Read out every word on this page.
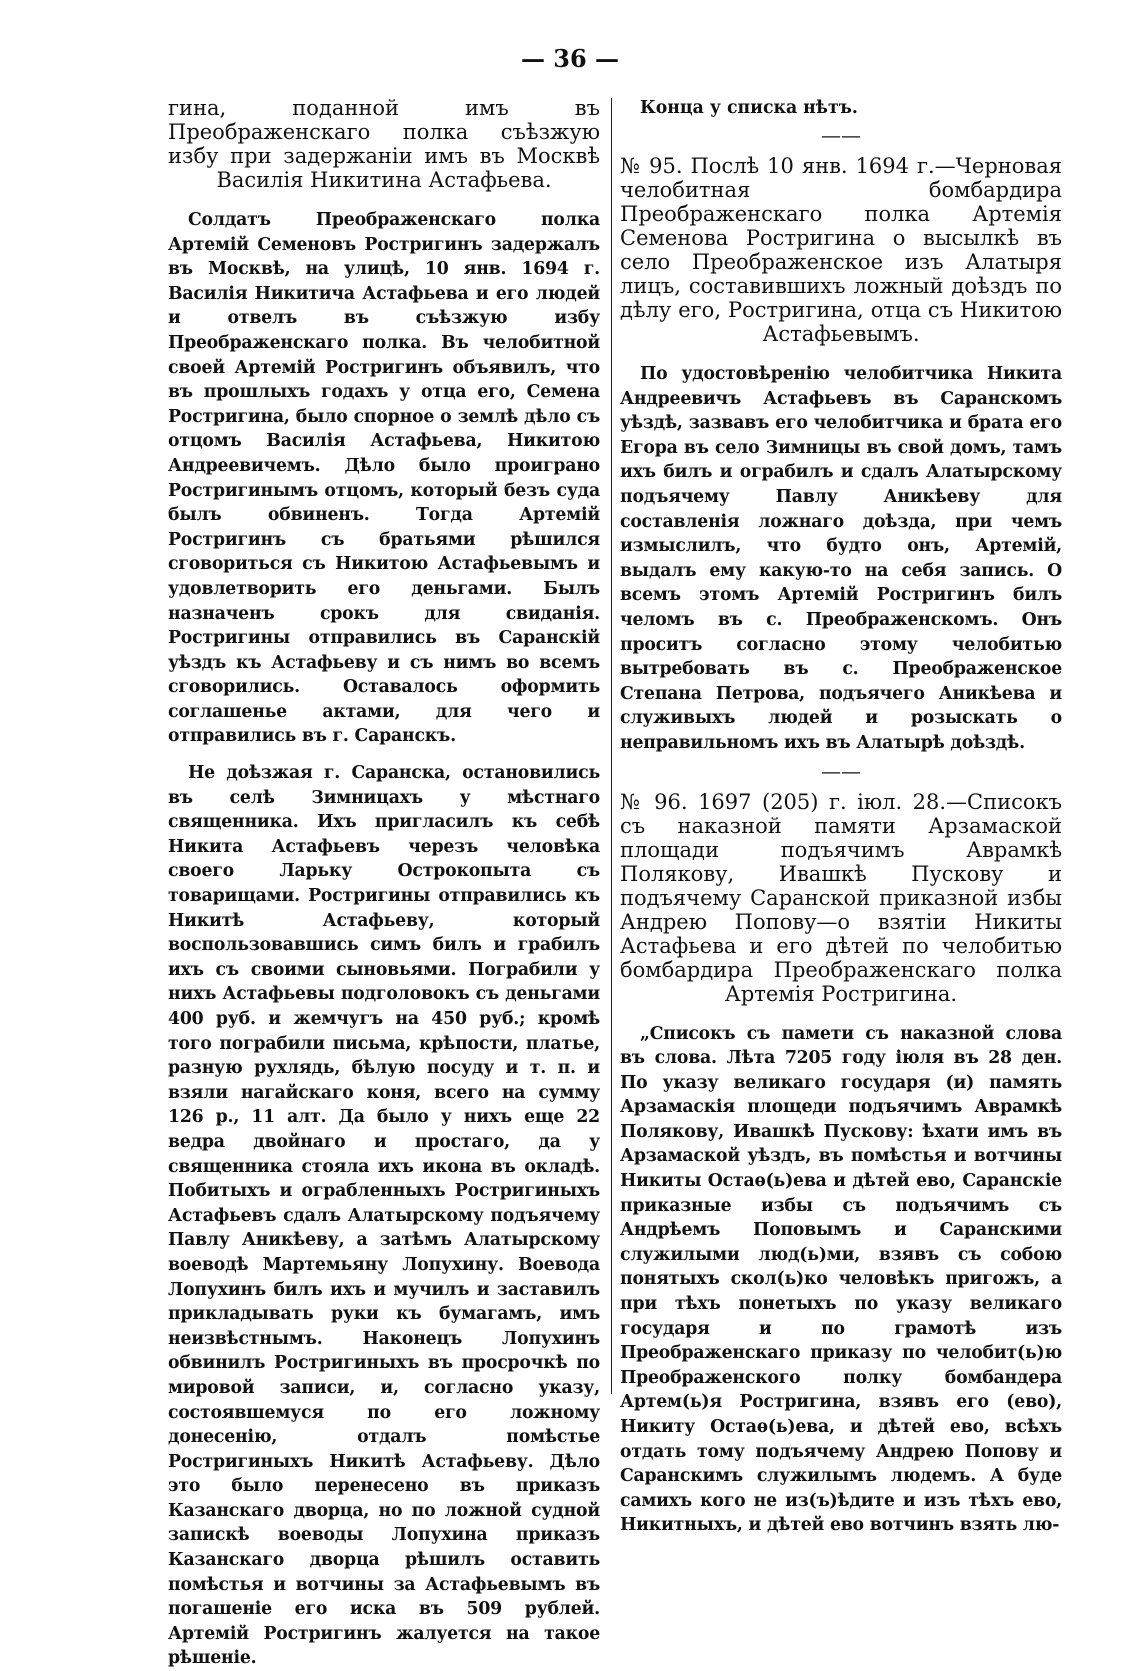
— 36 —

гина, поданной имъ въ Преображенскаго полка съѣзжую избу при задержаніи имъ въ Москвѣ Василія Никитина Астафьева.

Солдатъ Преображенскаго полка Артемій Семеновъ Ростригинъ задержалъ въ Москвѣ, на улицѣ, 10 янв. 1694 г. Василія Никитича Астафьева и его людей и отвелъ въ съѣзжую избу Преображенскаго полка. Въ челобитной своей Артемій Ростригинъ объявилъ, что въ прошлыхъ годахъ у отца его, Семена Ростригина, было спорное о землѣ дѣло съ отцомъ Василія Астафьева, Никитою Андреевичемъ. Дѣло было проиграно Ростригинымъ отцомъ, который безъ суда былъ обвиненъ. Тогда Артемій Ростригинъ съ братьями рѣшился сговориться съ Никитою Астафьевымъ и удовлетворить его деньгами. Былъ назначенъ срокъ для свиданія. Ростригины отправились въ Саранскій уѣздъ къ Астафьеву и съ нимъ во всемъ сговорились. Оставалось оформить соглашенье актами, для чего и отправились въ г. Саранскъ.

Не доѣзжая г. Саранска, остановились въ селѣ Зимницахъ у мѣстнаго священника. Ихъ пригласилъ къ себѣ Никита Астафьевъ черезъ человѣка своего Ларьку Острокопыта съ товарищами. Ростригины отправились къ Никитѣ Астафьеву, который воспользовавшись симъ билъ и грабилъ ихъ съ своими сыновьями. Пограбили у нихъ Астафьевы подголовокъ съ деньгами 400 руб. и жемчугъ на 450 руб.; кромѣ того пограбили письма, крѣпости, платье, разную рухлядь, бѣлую посуду и т. п. и взяли нагайскаго коня, всего на сумму 126 р., 11 алт. Да было у нихъ еще 22 ведра двойнаго и простаго, да у священника стояла ихъ икона въ окладѣ. Побитыхъ и ограбленныхъ Ростригиныхъ Астафьевъ сдалъ Алатырскому подъячему Павлу Аникѣеву, а затѣмъ Алатырскому воеводѣ Мартемьяну Лопухину. Воевода Лопухинъ билъ ихъ и мучилъ и заставилъ прикладывать руки къ бумагамъ, имъ неизвѣстнымъ. Наконецъ Лопухинъ обвинилъ Ростригиныхъ въ просрочкѣ по мировой записи, и, согласно указу, состоявшемуся по его ложному донесенію, отдалъ помѣстье Ростригиныхъ Никитѣ Астафьеву. Дѣло это было перенесено въ приказъ Казанскаго дворца, но по ложной судной запискѣ воеводы Лопухина приказъ Казанскаго дворца рѣшилъ оставить помѣстья и вотчины за Астафьевымъ въ погашеніе его иска въ 509 рублей. Артемій Ростригинъ жалуется на такое рѣшеніе.

Конца у списка нѣтъ.

——

№ 95. Послѣ 10 янв. 1694 г.—Черновая челобитная бомбардира Преображенскаго полка Артемія Семенова Ростригина о высылкѣ въ село Преображенское изъ Алатыря лицъ, составившихъ ложный доѣздъ по дѣлу его, Ростригина, отца съ Никитою Астафьевымъ.

По удостовѣренію челобитчика Никита Андреевичъ Астафьевъ въ Саранскомъ уѣздѣ, зазвавъ его челобитчика и брата его Егора въ село Зимницы въ свой домъ, тамъ ихъ билъ и ограбилъ и сдалъ Алатырскому подъячему Павлу Аникѣеву для составленія ложнаго доѣзда, при чемъ измыслилъ, что будто онъ, Артемій, выдалъ ему какую-то на себя запись. О всемъ этомъ Артемій Ростригинъ билъ челомъ въ с. Преображенскомъ. Онъ проситъ согласно этому челобитью вытребовать въ с. Преображенское Степана Петрова, подъячего Аникѣева и служивыхъ людей и розыскать о неправильномъ ихъ въ Алатырѣ доѣздѣ.

——

№ 96. 1697 (205) г. іюл. 28.—Списокъ съ наказной памяти Арзамаской площади подъячимъ Аврамкѣ Полякову, Ивашкѣ Пускову и подъячему Саранской приказной избы Андрею Попову—о взятіи Никиты Астафьева и его дѣтей по челобитью бомбардира Преображенскаго полка Артемія Ростригина.

„Списокъ съ памети съ наказной слова въ слова. Лѣта 7205 году іюля въ 28 ден. По указу великаго государя (и) память Арзамаскія площеди подъячимъ Аврамкѣ Полякову, Ивашкѣ Пускову: ѣхати имъ въ Арзамаской уѣздъ, въ помѣстья и вотчины Никиты Остаѳ(ь)ева и дѣтей ево, Саранскіе приказные избы съ подъячимъ съ Андрѣемъ Поповымъ и Саранскими служилыми люд(ь)ми, взявъ съ собою понятыхъ скол(ь)ко человѣкъ пригожъ, а при тѣхъ понетыхъ по указу великаго государя и по грамотѣ изъ Преображенскаго приказу по челобит(ь)ю Преображенского полку бомбандера Артем(ь)я Ростригина, взявъ его (ево), Никиту Остаѳ(ь)ева, и дѣтей ево, всѣхъ отдать тому подъячему Андрею Попову и Саранскимъ служилымъ людемъ. А буде самихъ кого не из(ъ)ѣдите и изъ тѣхъ ево, Никитныхъ, и дѣтей ево вотчинъ взять лю-
